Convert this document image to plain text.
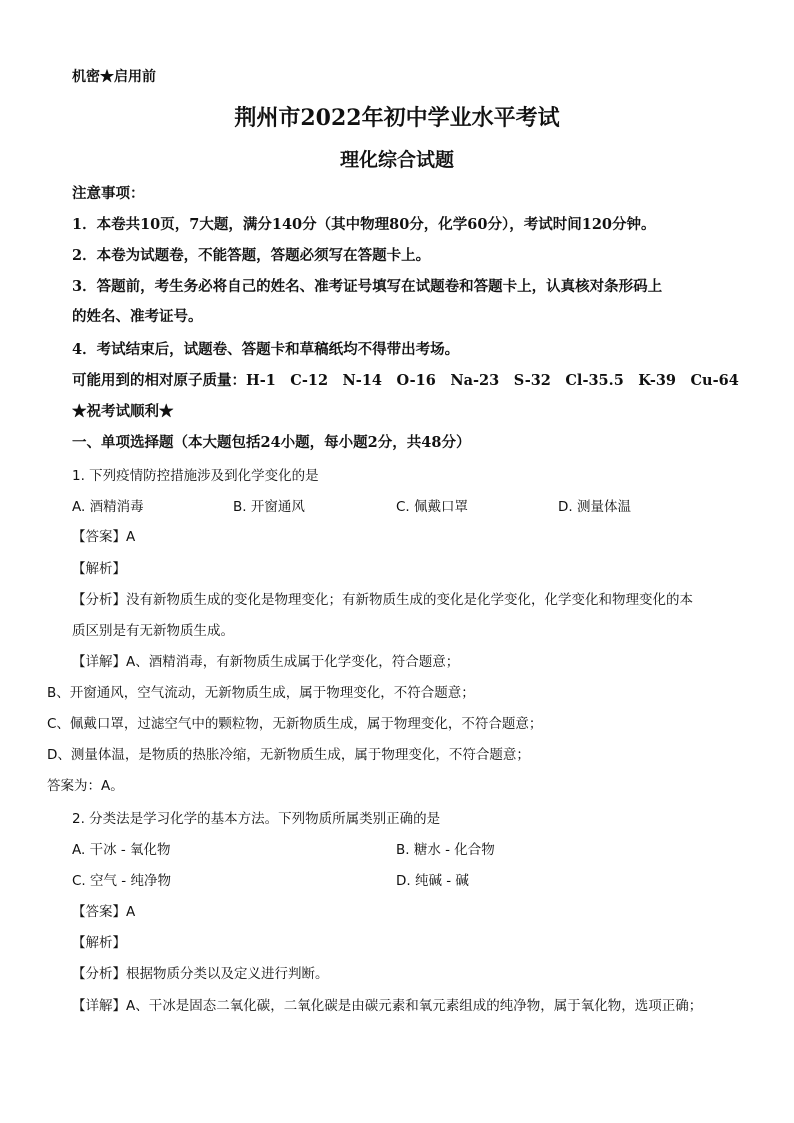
机密★启用前
荆州市2022年初中学业水平考试
理化综合试题
注意事项：
1．本卷共10页，7大题，满分140分（其中物理80分，化学60分），考试时间120分钟。
2．本卷为试题卷，不能答题，答题必须写在答题卡上。
3．答题前，考生务必将自己的姓名、准考证号填写在试题卷和答题卡上，认真核对条形码上
的姓名、准考证号。
4．考试结束后，试题卷、答题卡和草稿纸均不得带出考场。
可能用到的相对原子质量：H-1　C-12　N-14　O-16　Na-23　S-32　Cl-35.5　K-39　Cu-64
★祝考试顺利★
一、单项选择题（本大题包括24小题，每小题2分，共48分）
1. 下列疫情防控措施涉及到化学变化的是
A. 酒精消毒	B. 开窗通风	C. 佩戴口罩	D. 测量体温
【答案】A
【解析】
【分析】没有新物质生成的变化是物理变化；有新物质生成的变化是化学变化，化学变化和物理变化的本
质区别是有无新物质生成。
【详解】A、酒精消毒，有新物质生成属于化学变化，符合题意；
B、开窗通风，空气流动，无新物质生成，属于物理变化，不符合题意；
C、佩戴口罩，过滤空气中的颗粒物，无新物质生成，属于物理变化，不符合题意；
D、测量体温，是物质的热胀冷缩，无新物质生成，属于物理变化，不符合题意；
答案为：A。
2. 分类法是学习化学的基本方法。下列物质所属类别正确的是
A. 干冰 - 氧化物	B. 糖水 - 化合物
C. 空气 - 纯净物	D. 纯碱 - 碱
【答案】A
【解析】
【分析】根据物质分类以及定义进行判断。
【详解】A、干冰是固态二氧化碳，二氧化碳是由碳元素和氧元素组成的纯净物，属于氧化物，选项正确；
